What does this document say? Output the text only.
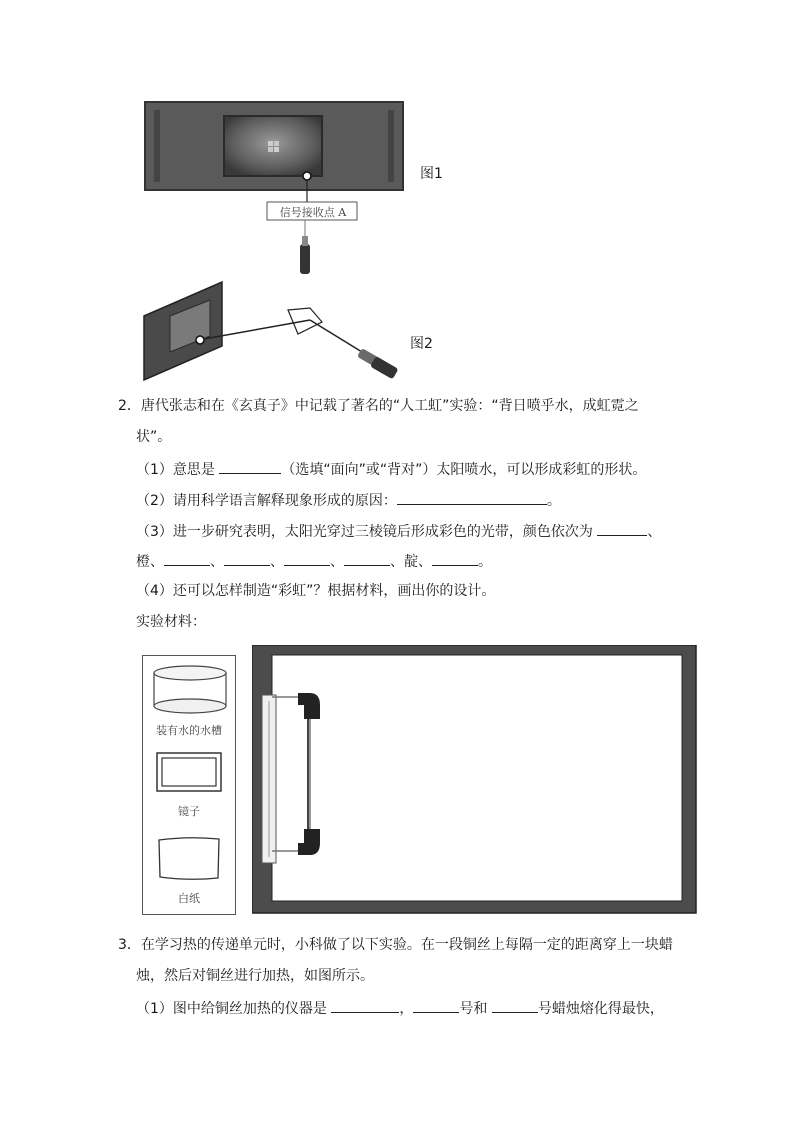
信号接收点 A
图1
图2
2．唐代张志和在《玄真子》中记载了著名的“人工虹”实验：“背日喷乎水，成虹霓之
状”。
（1）意思是	（选填“面向”或“背对”）太阳喷水，可以形成彩虹的形状。
（2）请用科学语言解释现象形成的原因：	。
（3）进一步研究表明，太阳光穿过三棱镜后形成彩色的光带，颜色依次为	、
橙、	、	、	、	、靛、	。
（4）还可以怎样制造“彩虹”？根据材料，画出你的设计。
实验材料：
装有水的水槽
镜子
白纸
3．在学习热的传递单元时，小科做了以下实验。在一段铜丝上每隔一定的距离穿上一块蜡
烛，然后对铜丝进行加热，如图所示。
（1）图中给铜丝加热的仪器是	，	号和	号蜡烛熔化得最快，
